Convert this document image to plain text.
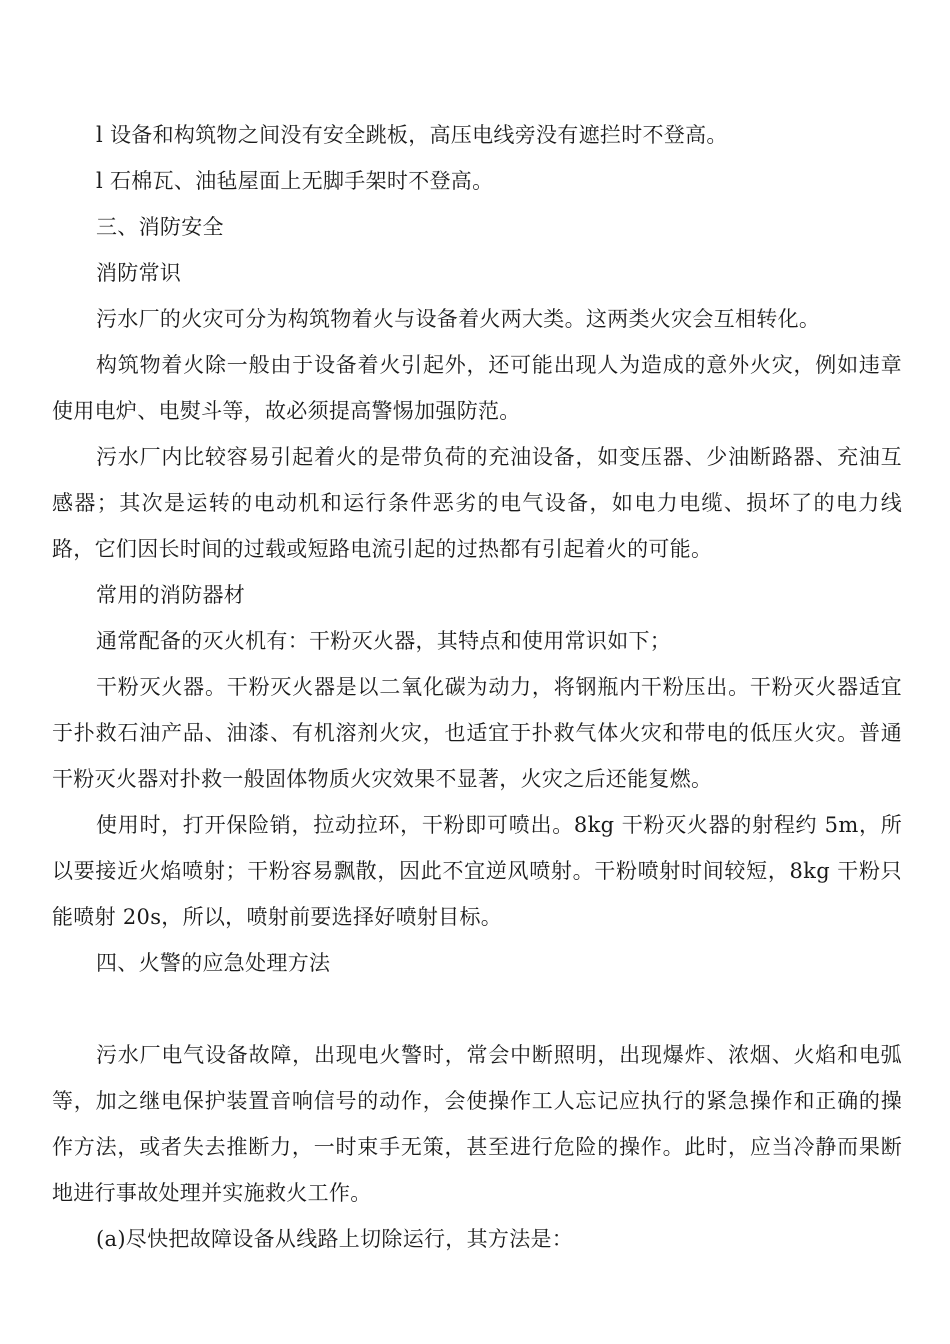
l 设备和构筑物之间没有安全跳板，高压电线旁没有遮拦时不登高。

l 石棉瓦、油毡屋面上无脚手架时不登高。

三、消防安全

消防常识

污水厂的火灾可分为构筑物着火与设备着火两大类。这两类火灾会互相转化。

构筑物着火除一般由于设备着火引起外，还可能出现人为造成的意外火灾，例如违章使用电炉、电熨斗等，故必须提高警惕加强防范。

污水厂内比较容易引起着火的是带负荷的充油设备，如变压器、少油断路器、充油互感器；其次是运转的电动机和运行条件恶劣的电气设备，如电力电缆、损坏了的电力线路，它们因长时间的过载或短路电流引起的过热都有引起着火的可能。

常用的消防器材

通常配备的灭火机有：干粉灭火器，其特点和使用常识如下；

干粉灭火器。干粉灭火器是以二氧化碳为动力，将钢瓶内干粉压出。干粉灭火器适宜于扑救石油产品、油漆、有机溶剂火灾，也适宜于扑救气体火灾和带电的低压火灾。普通干粉灭火器对扑救一般固体物质火灾效果不显著，火灾之后还能复燃。

使用时，打开保险销，拉动拉环，干粉即可喷出。8kg 干粉灭火器的射程约 5m，所以要接近火焰喷射；干粉容易飘散，因此不宜逆风喷射。干粉喷射时间较短，8kg 干粉只能喷射 20s，所以，喷射前要选择好喷射目标。

四、火警的应急处理方法

污水厂电气设备故障，出现电火警时，常会中断照明，出现爆炸、浓烟、火焰和电弧等，加之继电保护装置音响信号的动作，会使操作工人忘记应执行的紧急操作和正确的操作方法，或者失去推断力，一时束手无策，甚至进行危险的操作。此时，应当冷静而果断地进行事故处理并实施救火工作。

(a)尽快把故障设备从线路上切除运行，其方法是：
